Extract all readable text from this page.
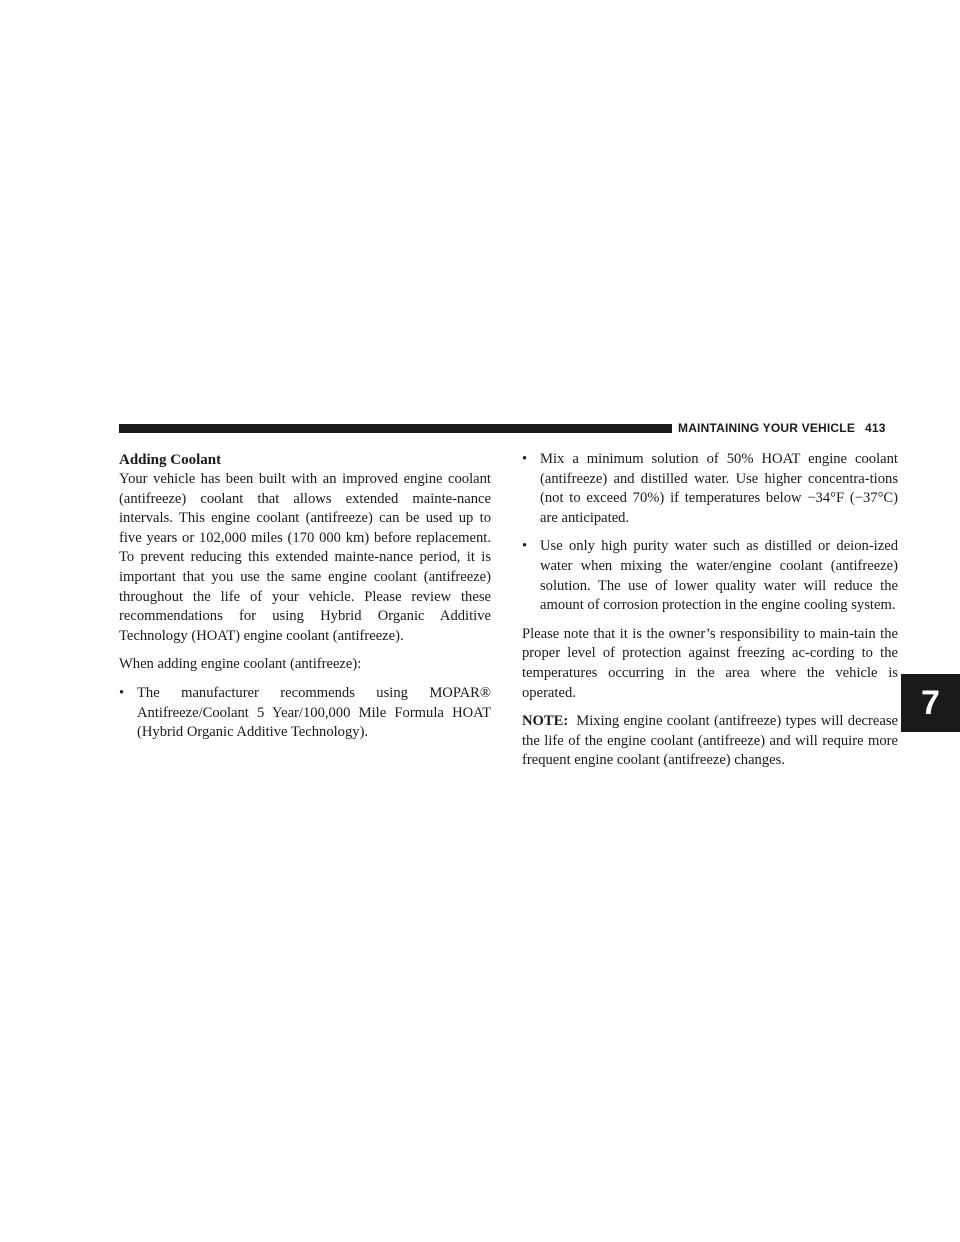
MAINTAINING YOUR VEHICLE 413
Adding Coolant

Your vehicle has been built with an improved engine coolant (antifreeze) coolant that allows extended mainte-nance intervals. This engine coolant (antifreeze) can be used up to five years or 102,000 miles (170 000 km) before replacement. To prevent reducing this extended mainte-nance period, it is important that you use the same engine coolant (antifreeze) throughout the life of your vehicle. Please review these recommendations for using Hybrid Organic Additive Technology (HOAT) engine coolant (antifreeze).

When adding engine coolant (antifreeze):

• The manufacturer recommends using MOPAR® Antifreeze/Coolant 5 Year/100,000 Mile Formula HOAT (Hybrid Organic Additive Technology).
• Mix a minimum solution of 50% HOAT engine coolant (antifreeze) and distilled water. Use higher concentra-tions (not to exceed 70%) if temperatures below −34°F (−37°C) are anticipated.
• Use only high purity water such as distilled or deion-ized water when mixing the water/engine coolant (antifreeze) solution. The use of lower quality water will reduce the amount of corrosion protection in the engine cooling system.

Please note that it is the owner’s responsibility to main-tain the proper level of protection against freezing ac-cording to the temperatures occurring in the area where the vehicle is operated.

NOTE: Mixing engine coolant (antifreeze) types will decrease the life of the engine coolant (antifreeze) and will require more frequent engine coolant (antifreeze) changes.

7
